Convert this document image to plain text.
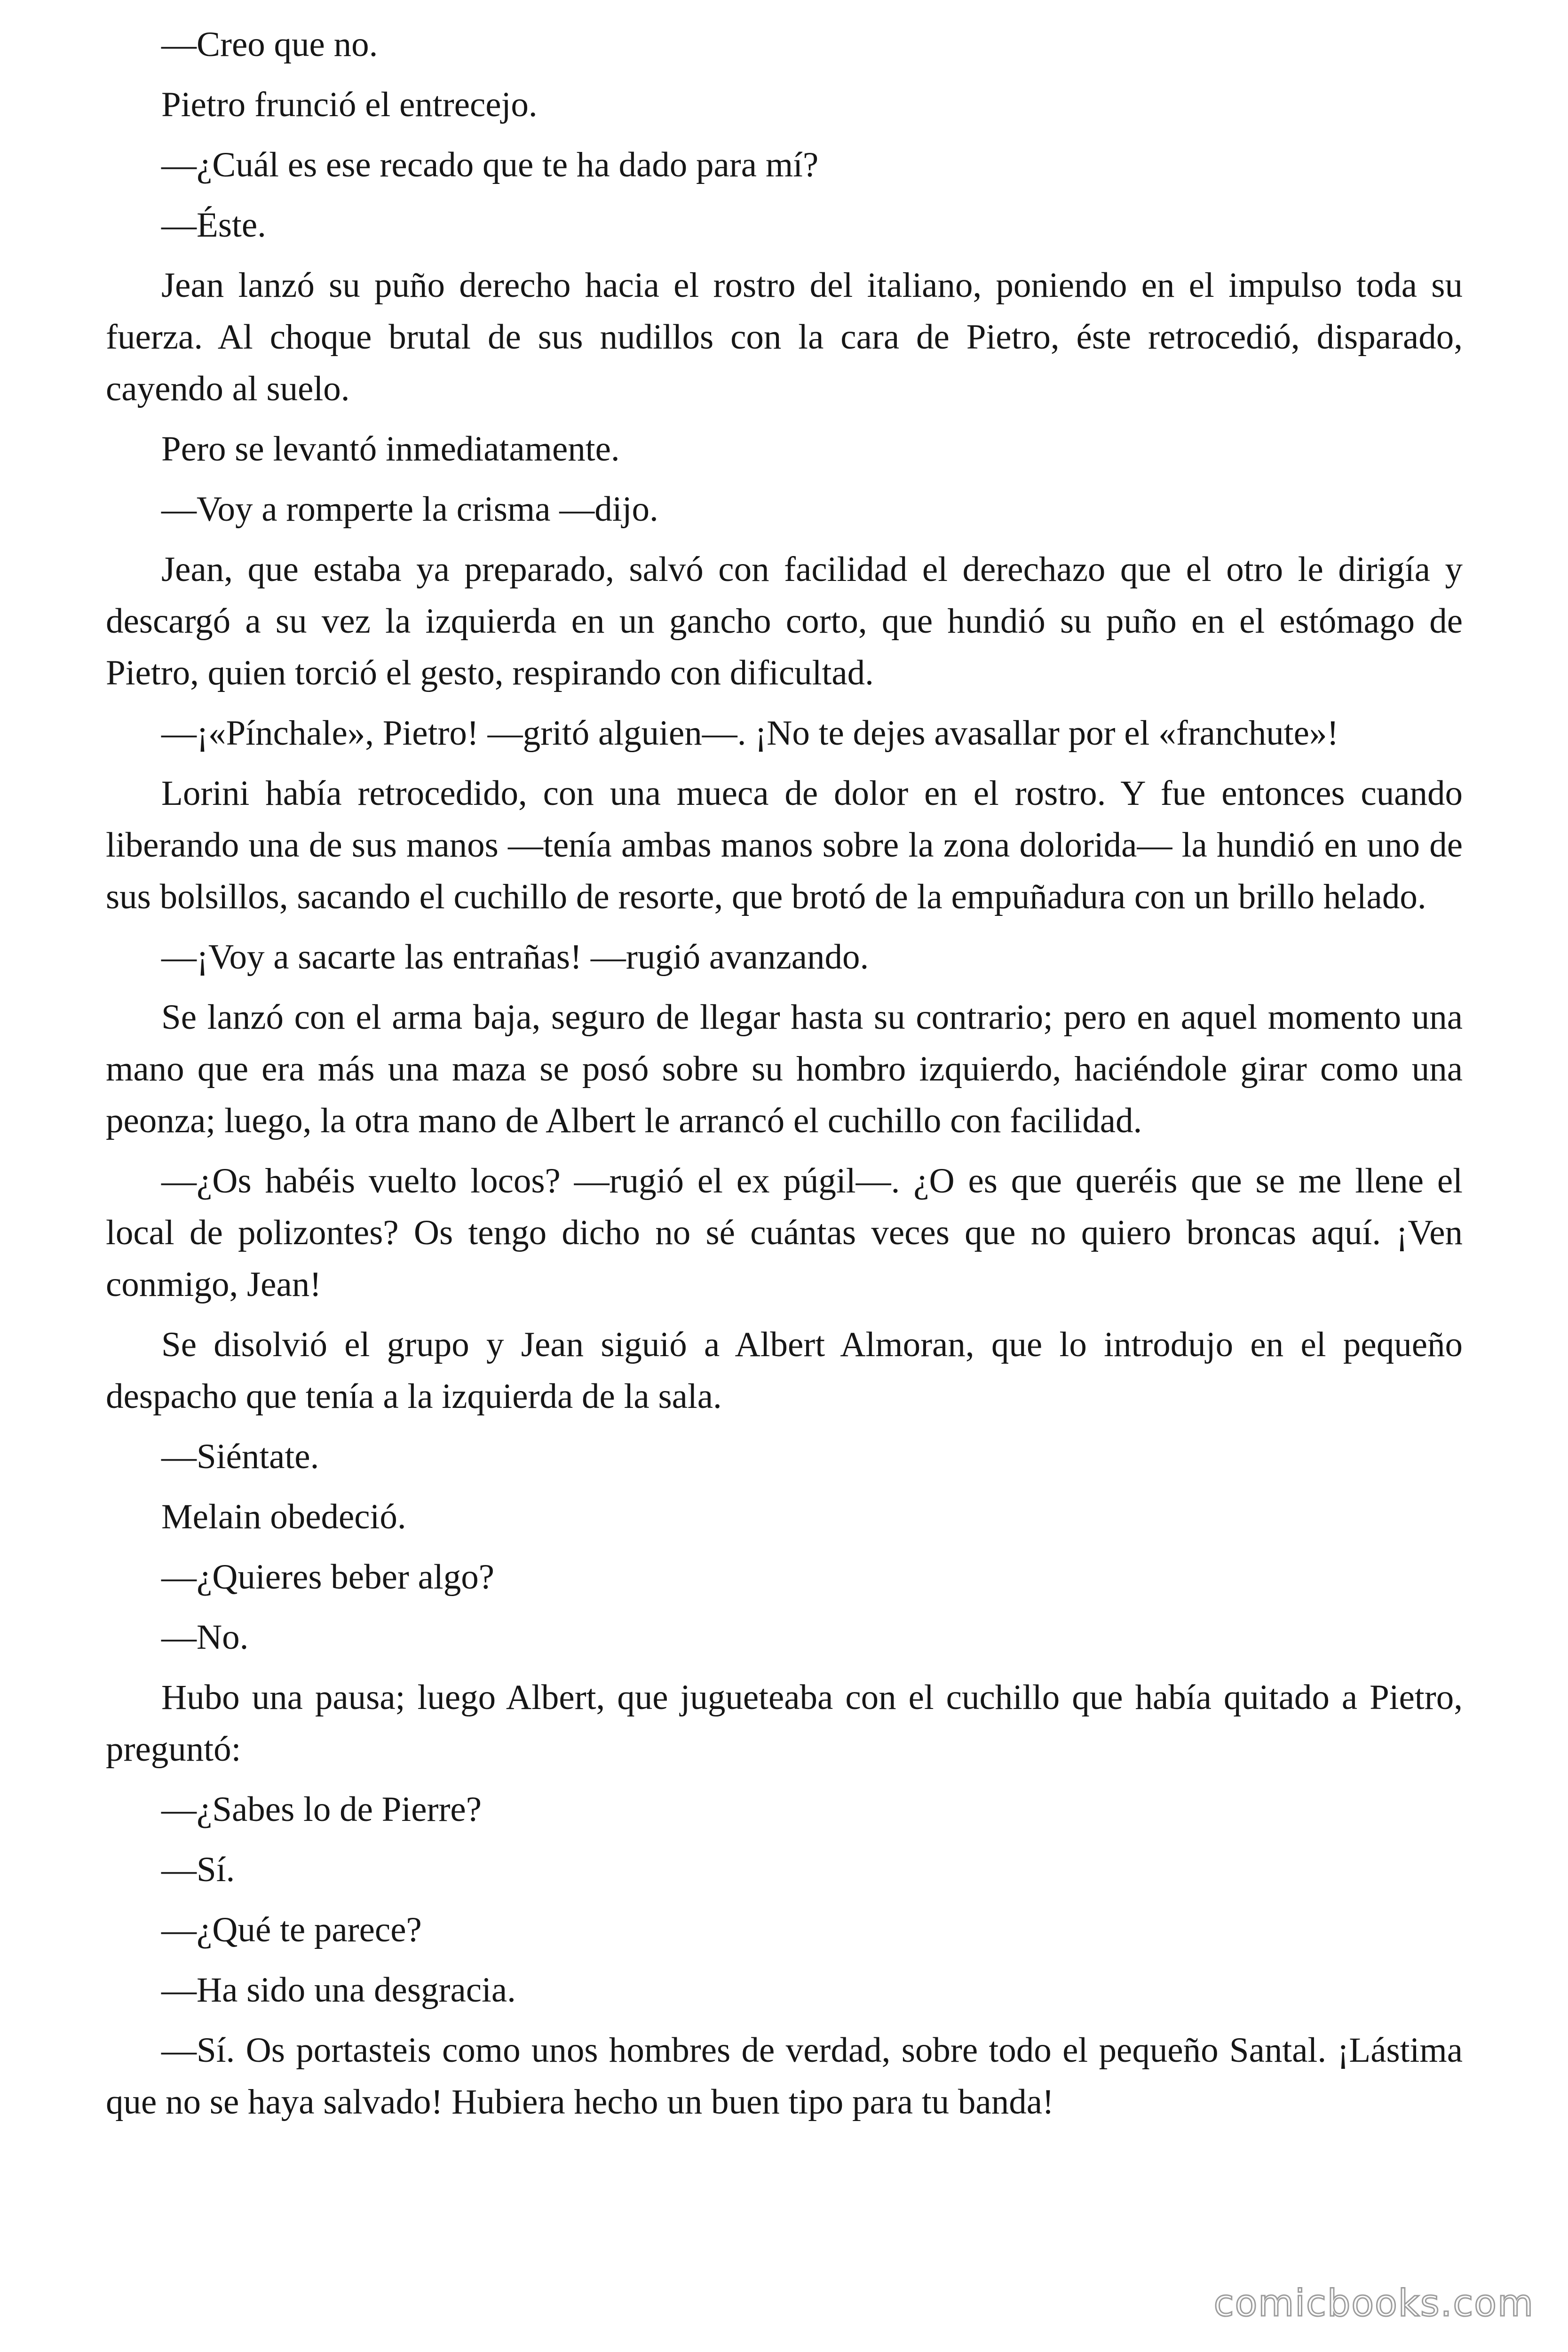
—Creo que no.

Pietro frunció el entrecejo.

—¿Cuál es ese recado que te ha dado para mí?

—Éste.

Jean lanzó su puño derecho hacia el rostro del italiano, poniendo en el impulso toda su fuerza. Al choque brutal de sus nudillos con la cara de Pietro, éste retrocedió, disparado, cayendo al suelo.

Pero se levantó inmediatamente.

—Voy a romperte la crisma —dijo.

Jean, que estaba ya preparado, salvó con facilidad el derechazo que el otro le dirigía y descargó a su vez la izquierda en un gancho corto, que hundió su puño en el estómago de Pietro, quien torció el gesto, respirando con dificultad.

—¡«Pínchale», Pietro! —gritó alguien—. ¡No te dejes avasallar por el «franchute»!

Lorini había retrocedido, con una mueca de dolor en el rostro. Y fue entonces cuando liberando una de sus manos —tenía ambas manos sobre la zona dolorida— la hundió en uno de sus bolsillos, sacando el cuchillo de resorte, que brotó de la empuñadura con un brillo helado.

—¡Voy a sacarte las entrañas! —rugió avanzando.

Se lanzó con el arma baja, seguro de llegar hasta su contrario; pero en aquel momento una mano que era más una maza se posó sobre su hombro izquierdo, haciéndole girar como una peonza; luego, la otra mano de Albert le arrancó el cuchillo con facilidad.

—¿Os habéis vuelto locos? —rugió el ex púgil—. ¿O es que queréis que se me llene el local de polizontes? Os tengo dicho no sé cuántas veces que no quiero broncas aquí. ¡Ven conmigo, Jean!

Se disolvió el grupo y Jean siguió a Albert Almoran, que lo introdujo en el pequeño despacho que tenía a la izquierda de la sala.

—Siéntate.

Melain obedeció.

—¿Quieres beber algo?

—No.

Hubo una pausa; luego Albert, que jugueteaba con el cuchillo que había quitado a Pietro, preguntó:

—¿Sabes lo de Pierre?

—Sí.

—¿Qué te parece?

—Ha sido una desgracia.

—Sí. Os portasteis como unos hombres de verdad, sobre todo el pequeño Santal. ¡Lástima que no se haya salvado! Hubiera hecho un buen tipo para tu banda!

comicbooks.com
